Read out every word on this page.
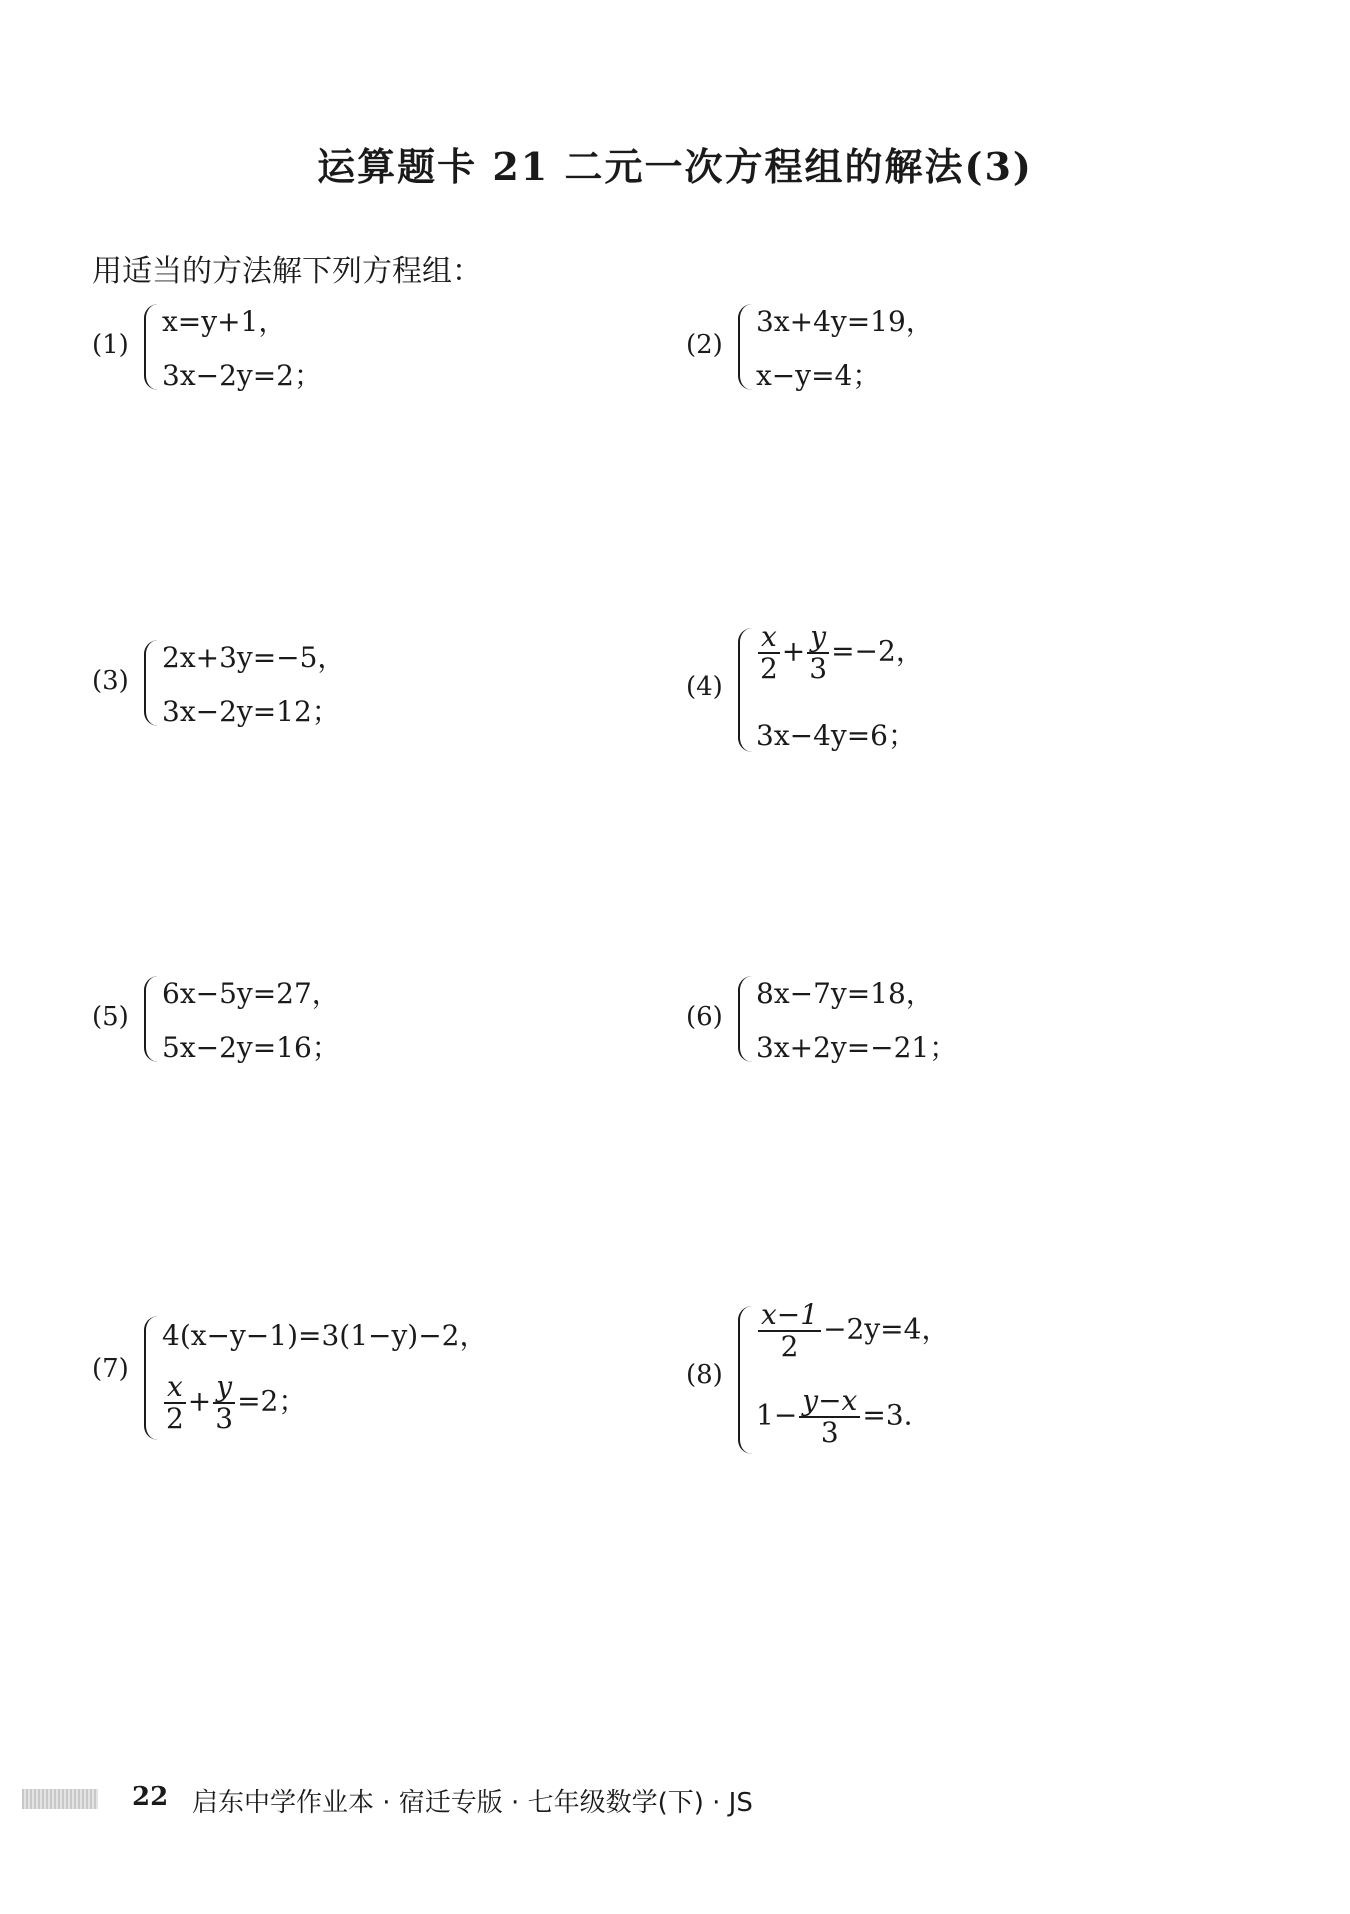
运算题卡 21 二元一次方程组的解法(3)
用适当的方法解下列方程组：
(1)
x=y+1，
3x−2y=2；
(2)
3x+4y=19，
x−y=4；
(3)
2x+3y=−5，
3x−2y=12；
(4)
$\frac{x}{2} + \frac{y}{3} =-2$，
3x−4y=6；
(5)
6x−5y=27，
5x−2y=16；
(6)
8x−7y=18，
3x+2y=−21；
(7)
4(x−y−1)=3(1−y)−2，
$\frac{x}{2} + \frac{y}{3} =2$；
(8)
$\frac{x-1}{2} -2y=4$，
$1- \frac{y-x}{3} =3$.
22 启东中学作业本 · 宿迁专版 · 七年级数学(下) · JS
